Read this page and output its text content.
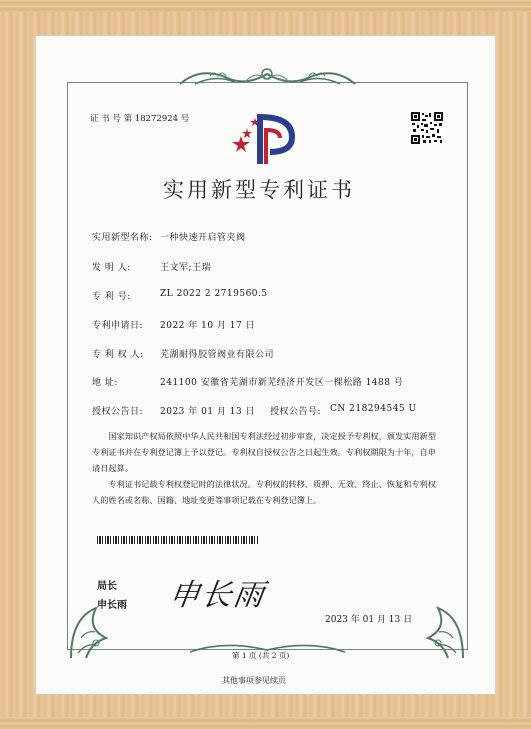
证 书 号 第 18272924 号
实用新型专利证书
实用新型名称: 一种快速开启管夹阀
发 明 人:	王文军;王瑞
专 利 号:	ZL 2022 2 2719560.5
专利申请日: 2022 年 10 月 17 日
专 利 权 人: 芜湖耐得胶管阀业有限公司
地 址:	241100 安徽省芜湖市新芜经济开发区一棵松路 1488 号
授权公告日: 2023 年 01 月 13 日 授权公告号: CN 218294545 U
国家知识产权局依照中华人民共和国专利法经过初步审查，决定授予专利权，颁发实用新型专利证书并在专利登记簿上予以登记。专利权自授权公告之日起生效。专利权期限为十年，自申请日起算。
专利证书记载专利权登记时的法律状况。专利权的转移、质押、无效、终止、恢复和专利权人的姓名或名称、国籍、地址变更等事项记载在专利登记簿上。
局长
申长雨 申长雨
2023 年 01 月 13 日
第 1 页 (共 2 页)
其他事项参见续页
